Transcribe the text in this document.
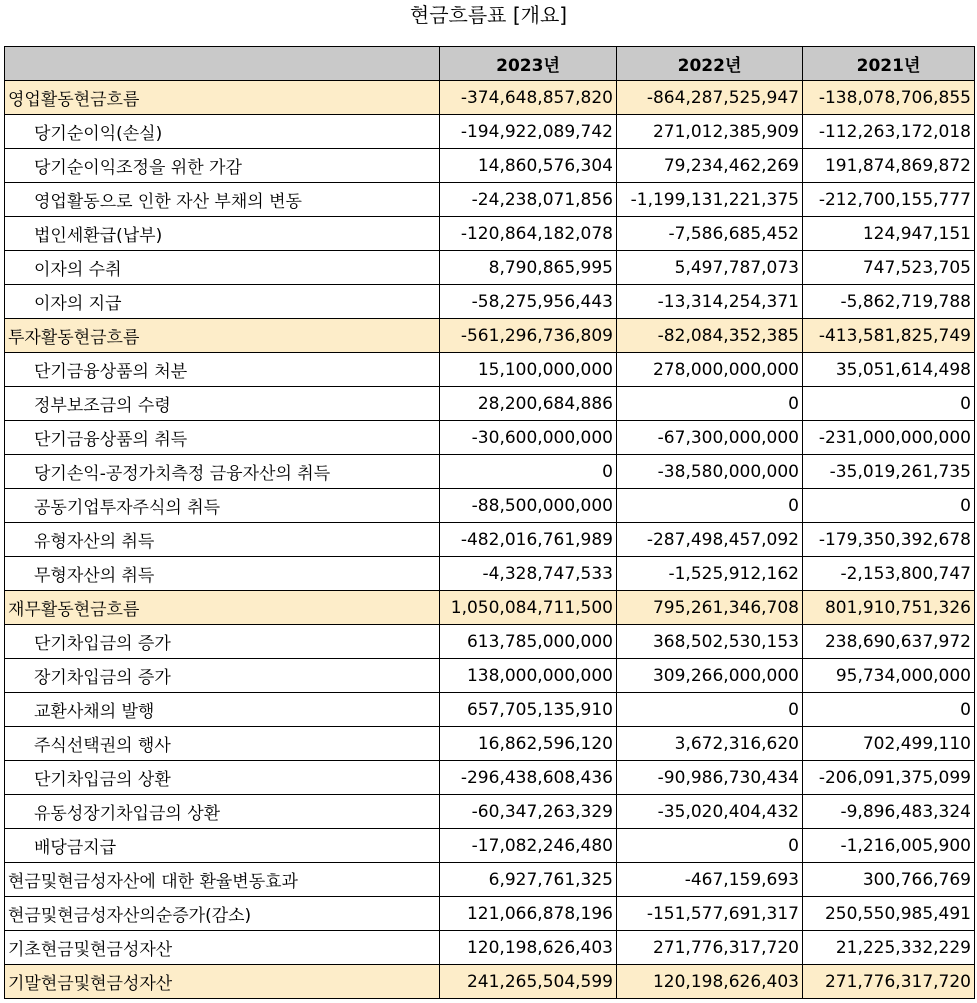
현금흐름표 [개요]
	2023년	2022년	2021년
영업활동현금흐름	-374,648,857,820	-864,287,525,947	-138,078,706,855
당기순이익(손실)	-194,922,089,742	271,012,385,909	-112,263,172,018
당기순이익조정을 위한 가감	14,860,576,304	79,234,462,269	191,874,869,872
영업활동으로 인한 자산 부채의 변동	-24,238,071,856	-1,199,131,221,375	-212,700,155,777
법인세환급(납부)	-120,864,182,078	-7,586,685,452	124,947,151
이자의 수취	8,790,865,995	5,497,787,073	747,523,705
이자의 지급	-58,275,956,443	-13,314,254,371	-5,862,719,788
투자활동현금흐름	-561,296,736,809	-82,084,352,385	-413,581,825,749
단기금융상품의 처분	15,100,000,000	278,000,000,000	35,051,614,498
정부보조금의 수령	28,200,684,886	0	0
단기금융상품의 취득	-30,600,000,000	-67,300,000,000	-231,000,000,000
당기손익-공정가치측정 금융자산의 취득	0	-38,580,000,000	-35,019,261,735
공동기업투자주식의 취득	-88,500,000,000	0	0
유형자산의 취득	-482,016,761,989	-287,498,457,092	-179,350,392,678
무형자산의 취득	-4,328,747,533	-1,525,912,162	-2,153,800,747
재무활동현금흐름	1,050,084,711,500	795,261,346,708	801,910,751,326
단기차입금의 증가	613,785,000,000	368,502,530,153	238,690,637,972
장기차입금의 증가	138,000,000,000	309,266,000,000	95,734,000,000
교환사채의 발행	657,705,135,910	0	0
주식선택권의 행사	16,862,596,120	3,672,316,620	702,499,110
단기차입금의 상환	-296,438,608,436	-90,986,730,434	-206,091,375,099
유동성장기차입금의 상환	-60,347,263,329	-35,020,404,432	-9,896,483,324
배당금지급	-17,082,246,480	0	-1,216,005,900
현금및현금성자산에 대한 환율변동효과	6,927,761,325	-467,159,693	300,766,769
현금및현금성자산의순증가(감소)	121,066,878,196	-151,577,691,317	250,550,985,491
기초현금및현금성자산	120,198,626,403	271,776,317,720	21,225,332,229
기말현금및현금성자산	241,265,504,599	120,198,626,403	271,776,317,720
